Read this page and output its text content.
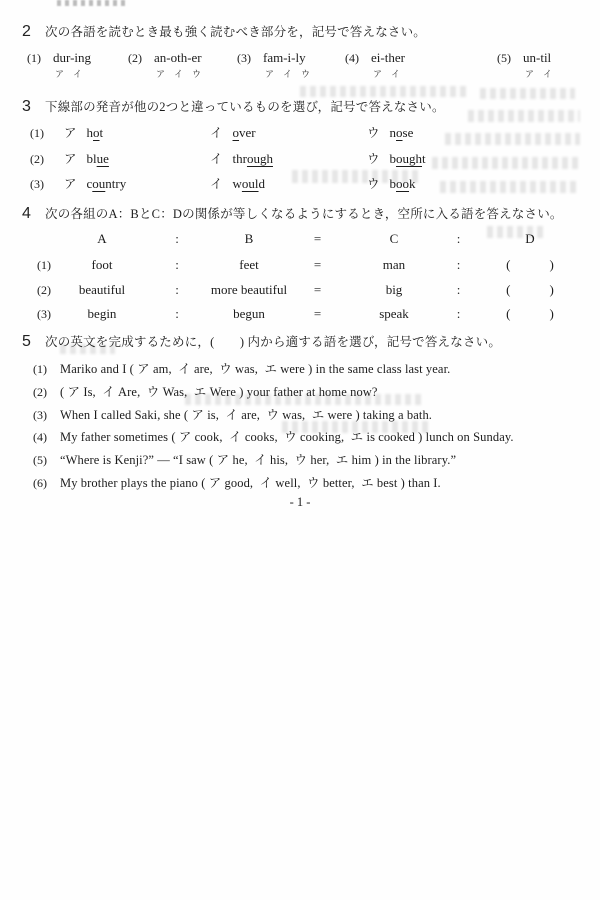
2	次の各語を読むとき最も強く読むべき部分を，記号で答えなさい。
(1) dur-ing
ア　イ
(2) an-oth-er
ア　イ　ウ
(3) fam-i-ly
ア　イ　ウ
(4) ei-ther
ア　イ
(5) un-til
ア　イ
3	下線部の発音が他の2つと違っているものを選び，記号で答えなさい。
(1)	ア hot	イ over	ウ nose
(2)	ア blue	イ through	ウ bought
(3)	ア country	イ would	ウ book
4	次の各組のA：BとC：Dの関係が等しくなるようにするとき，空所に入る語を答えなさい。
A	:	B	=	C	:	D
(1)	foot	:	feet	=	man	:	(　　　)
(2)	beautiful	:	more beautiful	=	big	:	(　　　)
(3)	begin	:	begun	=	speak	:	(　　　)
5	次の英文を完成するために，(　　) 内から適する語を選び，記号で答えなさい。
(1)	Mariko and I ( ア am,  イ are,  ウ was,  エ were ) in the same class last year.
(2)	( ア Is,  イ Are,  ウ Was,  エ Were ) your father at home now?
(3)	When I called Saki, she ( ア is,  イ are,  ウ was,  エ were ) taking a bath.
(4)	My father sometimes ( ア cook,  イ cooks,  ウ cooking,  エ is cooked ) lunch on Sunday.
(5)	“Where is Kenji?” — “I saw ( ア he,  イ his,  ウ her,  エ him ) in the library.”
(6)	My brother plays the piano ( ア good,  イ well,  ウ better,  エ best ) than I.
- 1 -
